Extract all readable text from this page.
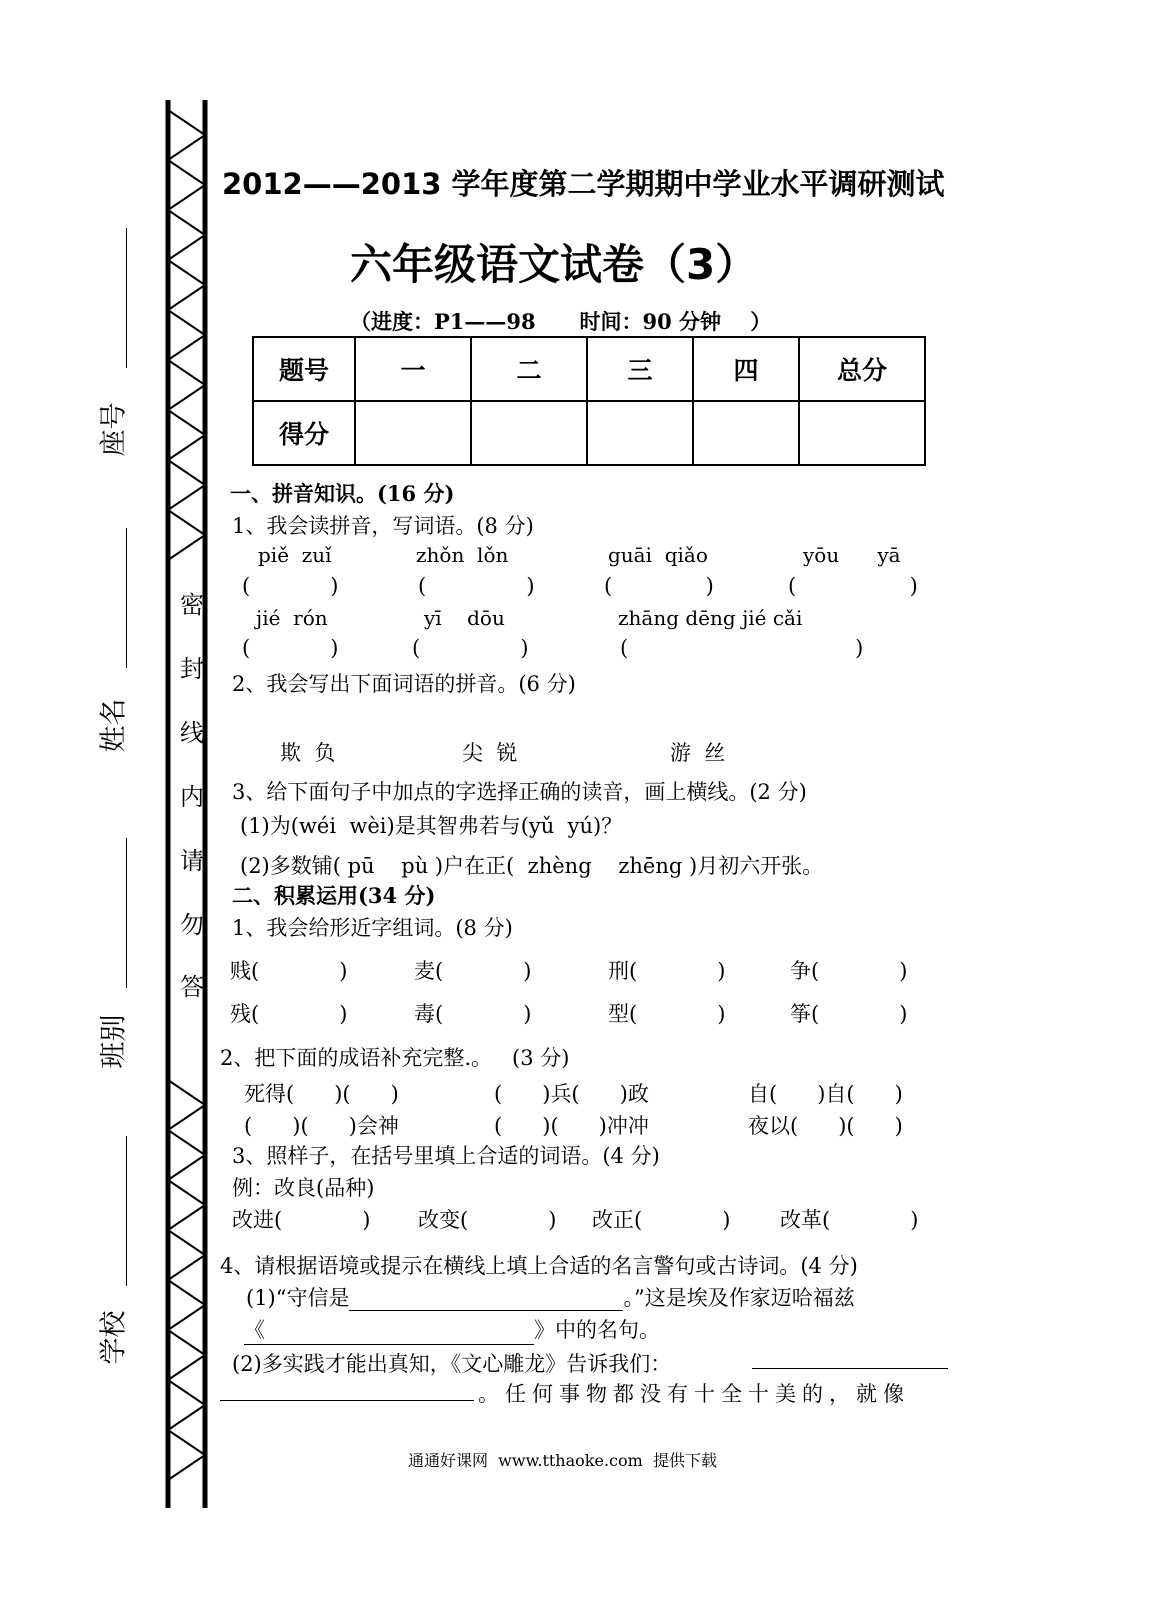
座号
姓名
班别
学校
密
封
线
内
请
勿
答
2012——2013 学年度第二学期期中学业水平调研测试
六年级语文试卷（3）
（进度：P1——98      时间：90 分钟    ）
题号	一	二	三	四	总分
得分					
一、拼音知识。(16 分)
1、我会读拼音，写词语。(8 分)
piě  zuǐ	zhǒn  lǒn	guāi  qiǎo	yōu      yā
(            )	(               )	(              )	(                 )
jié  rón	yī    dōu	zhāng dēng jié cǎi
(            )	(               )	(                                  )
2、我会写出下面词语的拼音。(6 分)
欺  负	尖  锐	游  丝
3、给下面句子中加点的字选择正确的读音，画上横线。(2 分)
(1)为(wéi  wèi)是其智弗若与(yǔ  yú)？
(2)多数铺( pū    pù )户在正(  zhèng    zhēng )月初六开张。
二、积累运用(34 分)
1、我会给形近字组词。(8 分)
贱(            )	麦(            )	刑(            )	争(            )
残(            )	毒(            )	型(            )	筝(            )
2、把下面的成语补充完整.。   (3 分)
死得(      )(      )	(      )兵(      )政	自(      )自(      )
(      )(      )会神	(      )(      )冲冲	夜以(      )(      )
3、照样子，在括号里填上合适的词语。(4 分)
例：改良(品种)
改进(            ) 改变(            ) 改正(            ) 改革(            )
4、请根据语境或提示在横线上填上合适的名言警句或古诗词。(4 分)
(1)“守信是	。”这是埃及作家迈哈福兹
《	》中的名句。
(2)多实践才能出真知，《文心雕龙》告诉我们：
。任何事物都没有十全十美的，就像
通通好课网  www.tthaoke.com  提供下载
